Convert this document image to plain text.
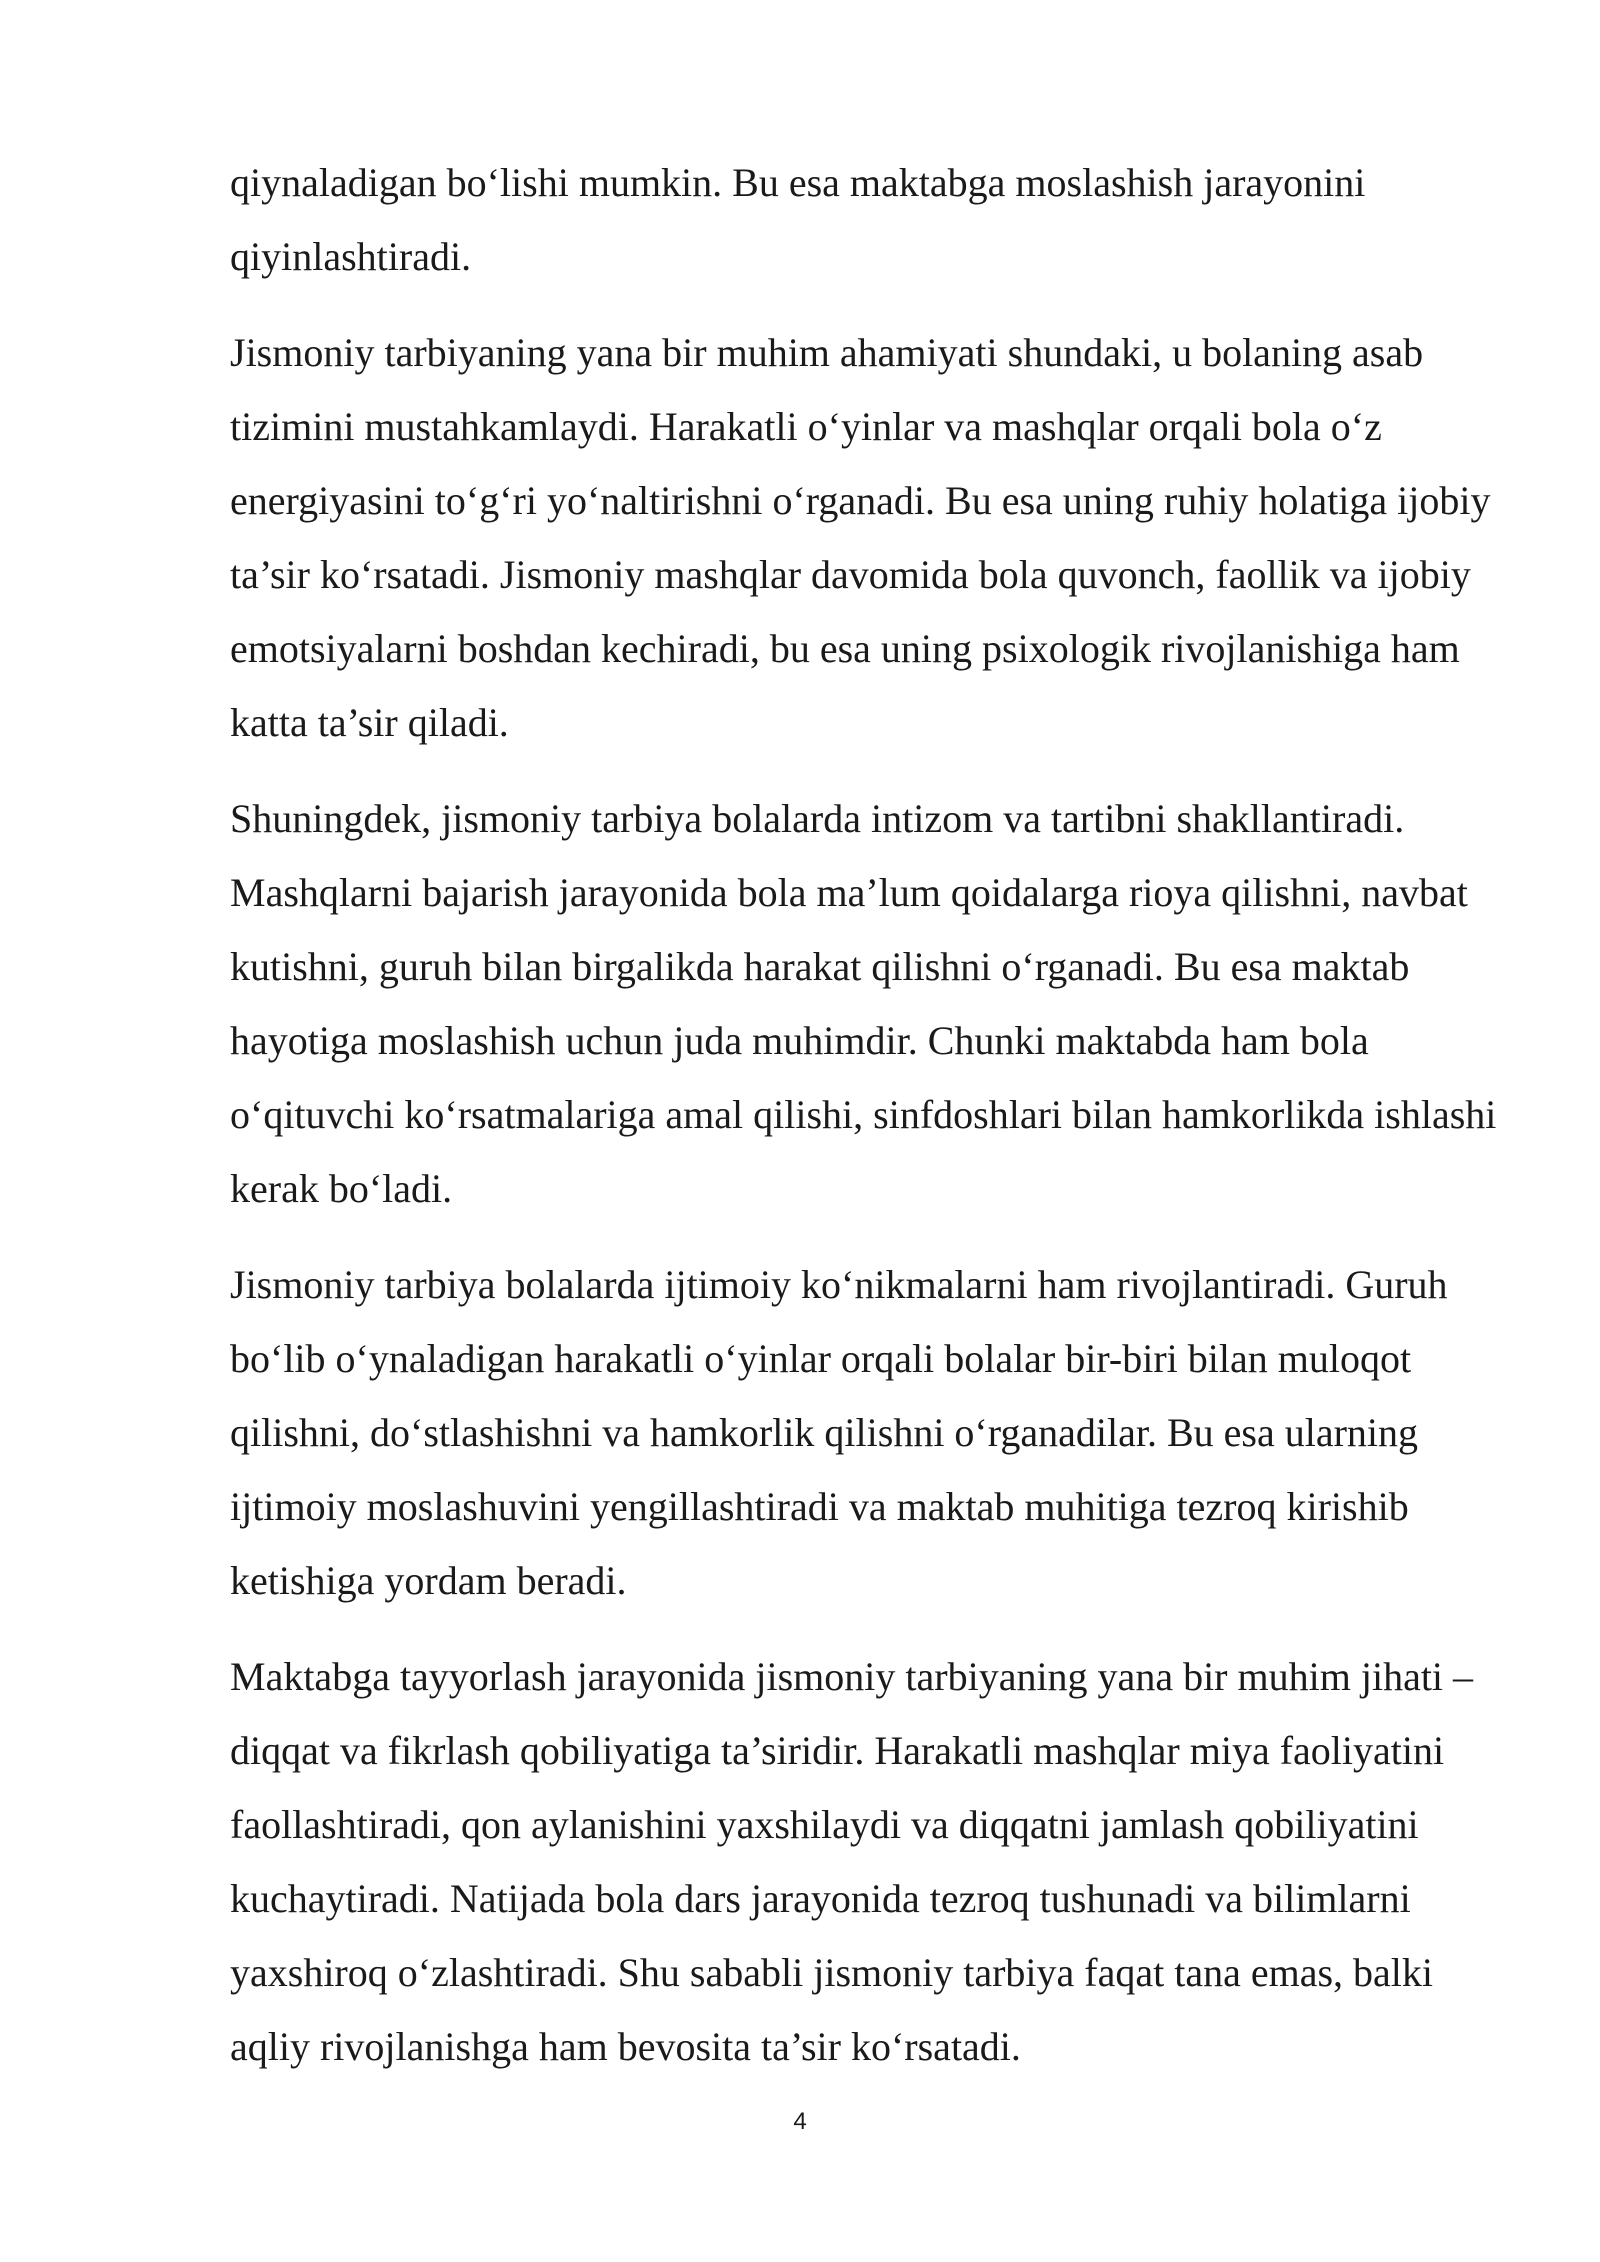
qiynaladigan bo‘lishi mumkin. Bu esa maktabga moslashish jarayonini qiyinlashtiradi.

Jismoniy tarbiyaning yana bir muhim ahamiyati shundaki, u bolaning asab tizimini mustahkamlaydi. Harakatli o‘yinlar va mashqlar orqali bola o‘z energiyasini to‘g‘ri yo‘naltirishni o‘rganadi. Bu esa uning ruhiy holatiga ijobiy ta’sir ko‘rsatadi. Jismoniy mashqlar davomida bola quvonch, faollik va ijobiy emotsiyalarni boshdan kechiradi, bu esa uning psixologik rivojlanishiga ham katta ta’sir qiladi.

Shuningdek, jismoniy tarbiya bolalarda intizom va tartibni shakllantiradi. Mashqlarni bajarish jarayonida bola ma’lum qoidalarga rioya qilishni, navbat kutishni, guruh bilan birgalikda harakat qilishni o‘rganadi. Bu esa maktab hayotiga moslashish uchun juda muhimdir. Chunki maktabda ham bola o‘qituvchi ko‘rsatmalariga amal qilishi, sinfdoshlari bilan hamkorlikda ishlashi kerak bo‘ladi.

Jismoniy tarbiya bolalarda ijtimoiy ko‘nikmalarni ham rivojlantiradi. Guruh bo‘lib o‘ynaladigan harakatli o‘yinlar orqali bolalar bir-biri bilan muloqot qilishni, do‘stlashishni va hamkorlik qilishni o‘rganadilar. Bu esa ularning ijtimoiy moslashuvini yengillashtiradi va maktab muhitiga tezroq kirishib ketishiga yordam beradi.

Maktabga tayyorlash jarayonida jismoniy tarbiyaning yana bir muhim jihati – diqqat va fikrlash qobiliyatiga ta’siridir. Harakatli mashqlar miya faoliyatini faollashtiradi, qon aylanishini yaxshilaydi va diqqatni jamlash qobiliyatini kuchaytiradi. Natijada bola dars jarayonida tezroq tushunadi va bilimlarni yaxshiroq o‘zlashtiradi. Shu sababli jismoniy tarbiya faqat tana emas, balki aqliy rivojlanishga ham bevosita ta’sir ko‘rsatadi.

4
